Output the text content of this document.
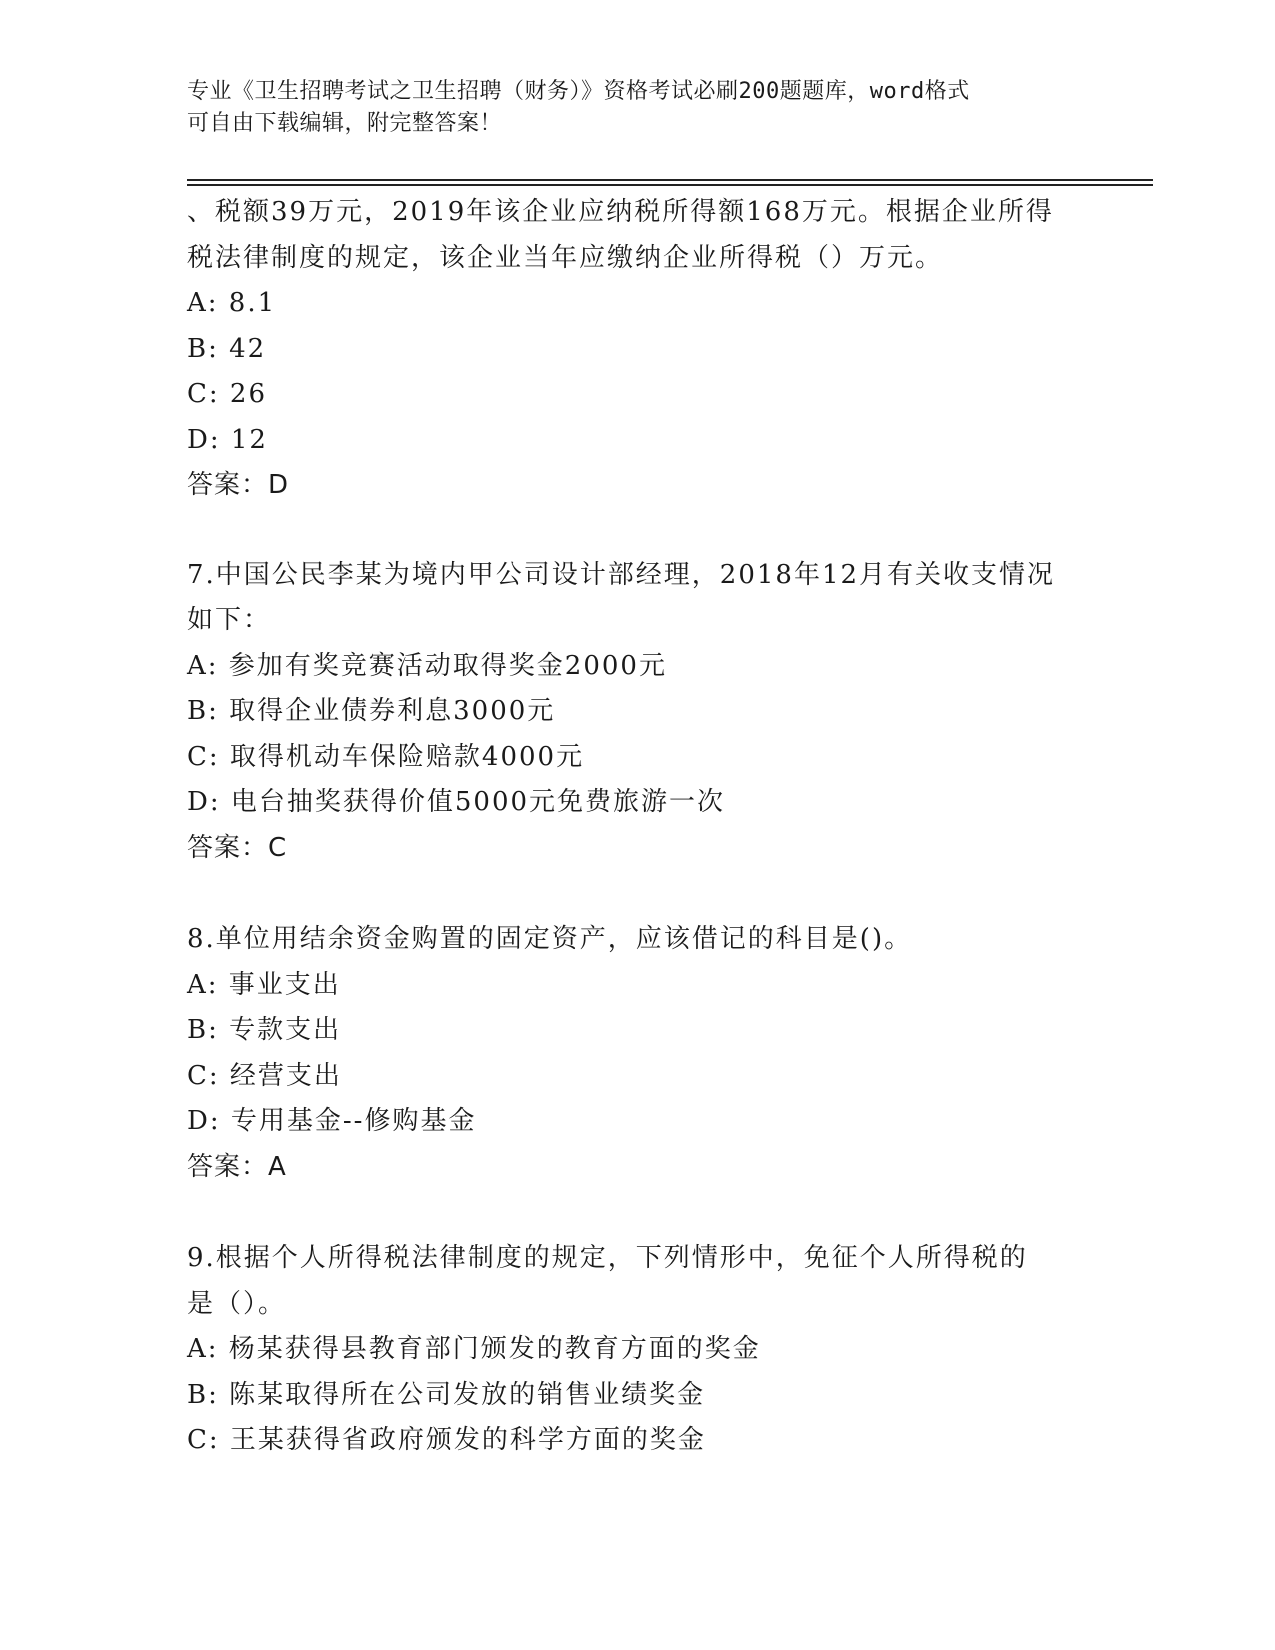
专业《卫生招聘考试之卫生招聘（财务）》资格考试必刷200题题库，word格式
可自由下载编辑，附完整答案！
、税额39万元，2019年该企业应纳税所得额168万元。根据企业所得
税法律制度的规定，该企业当年应缴纳企业所得税（）万元。
A: 8.1
B: 42
C: 26
D: 12
答案：D
7.中国公民李某为境内甲公司设计部经理，2018年12月有关收支情况
如下：
A: 参加有奖竞赛活动取得奖金2000元
B: 取得企业债券利息3000元
C: 取得机动车保险赔款4000元
D: 电台抽奖获得价值5000元免费旅游一次
答案：C
8.单位用结余资金购置的固定资产，应该借记的科目是()。
A: 事业支出
B: 专款支出
C: 经营支出
D: 专用基金--修购基金
答案：A
9.根据个人所得税法律制度的规定，下列情形中，免征个人所得税的
是（）。
A: 杨某获得县教育部门颁发的教育方面的奖金
B: 陈某取得所在公司发放的销售业绩奖金
C: 王某获得省政府颁发的科学方面的奖金
